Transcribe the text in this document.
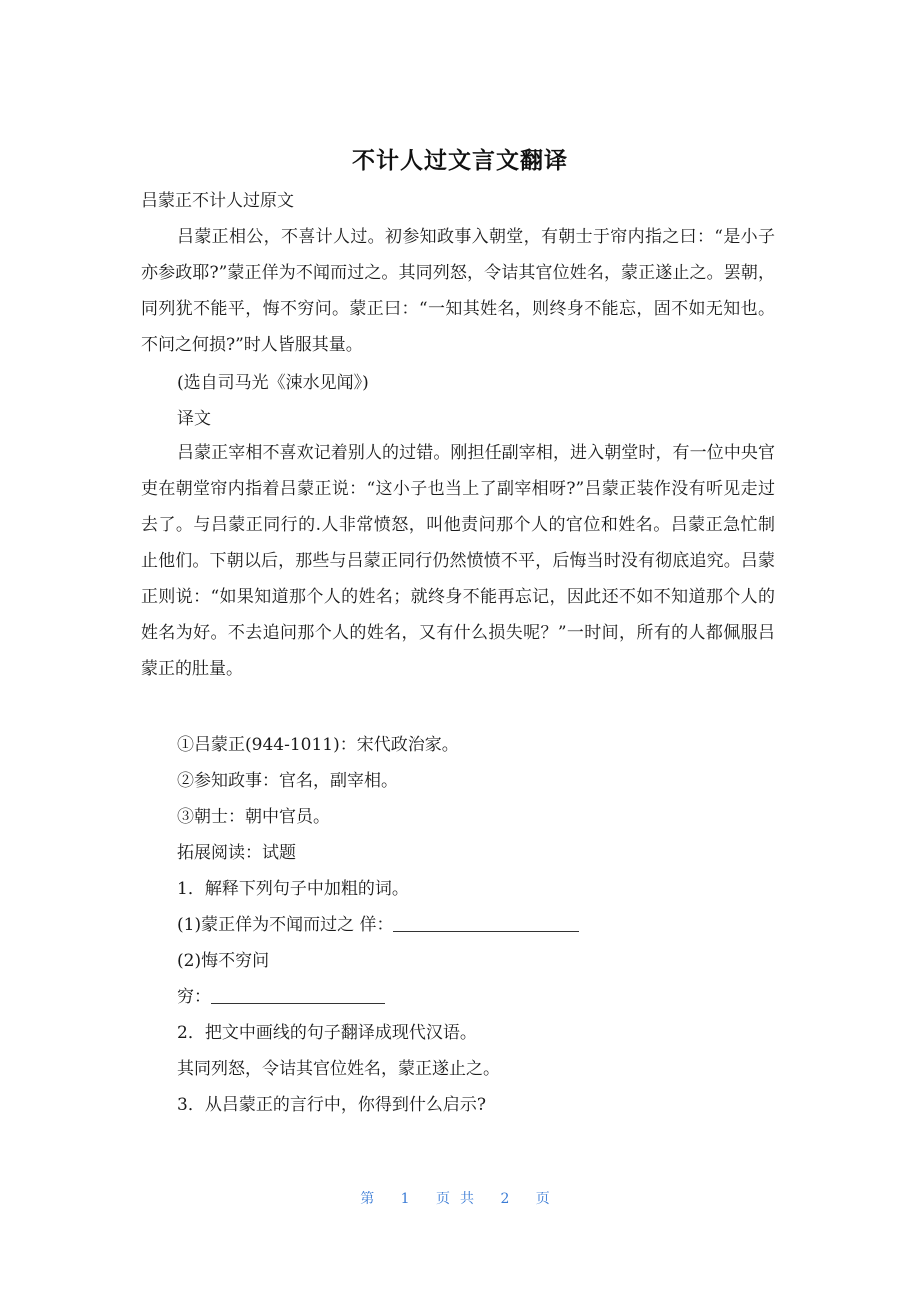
不计人过文言文翻译
吕蒙正不计人过原文
吕蒙正相公，不喜计人过。初参知政事入朝堂，有朝士于帘内指之曰：“是小子亦参政耶?”蒙正佯为不闻而过之。其同列怒，令诘其官位姓名，蒙正遂止之。罢朝，同列犹不能平，悔不穷问。蒙正曰：“一知其姓名，则终身不能忘，固不如无知也。不问之何损?”时人皆服其量。
(选自司马光《涑水见闻》)
译文
吕蒙正宰相不喜欢记着别人的过错。刚担任副宰相，进入朝堂时，有一位中央官吏在朝堂帘内指着吕蒙正说：“这小子也当上了副宰相呀?”吕蒙正装作没有听见走过去了。与吕蒙正同行的.人非常愤怒，叫他责问那个人的官位和姓名。吕蒙正急忙制止他们。下朝以后，那些与吕蒙正同行仍然愤愤不平，后悔当时没有彻底追究。吕蒙正则说：“如果知道那个人的姓名；就终身不能再忘记，因此还不如不知道那个人的姓名为好。不去追问那个人的姓名，又有什么损失呢？”一时间，所有的人都佩服吕蒙正的肚量。
①吕蒙正(944-1011)：宋代政治家。
②参知政事：官名，副宰相。
③朝士：朝中官员。
拓展阅读：试题
1．解释下列句子中加粗的词。
(1)蒙正佯为不闻而过之 佯：
(2)悔不穷问
穷：
2．把文中画线的句子翻译成现代汉语。
其同列怒，令诘其官位姓名，蒙正遂止之。
3．从吕蒙正的言行中，你得到什么启示?
第 1 页共 2 页
